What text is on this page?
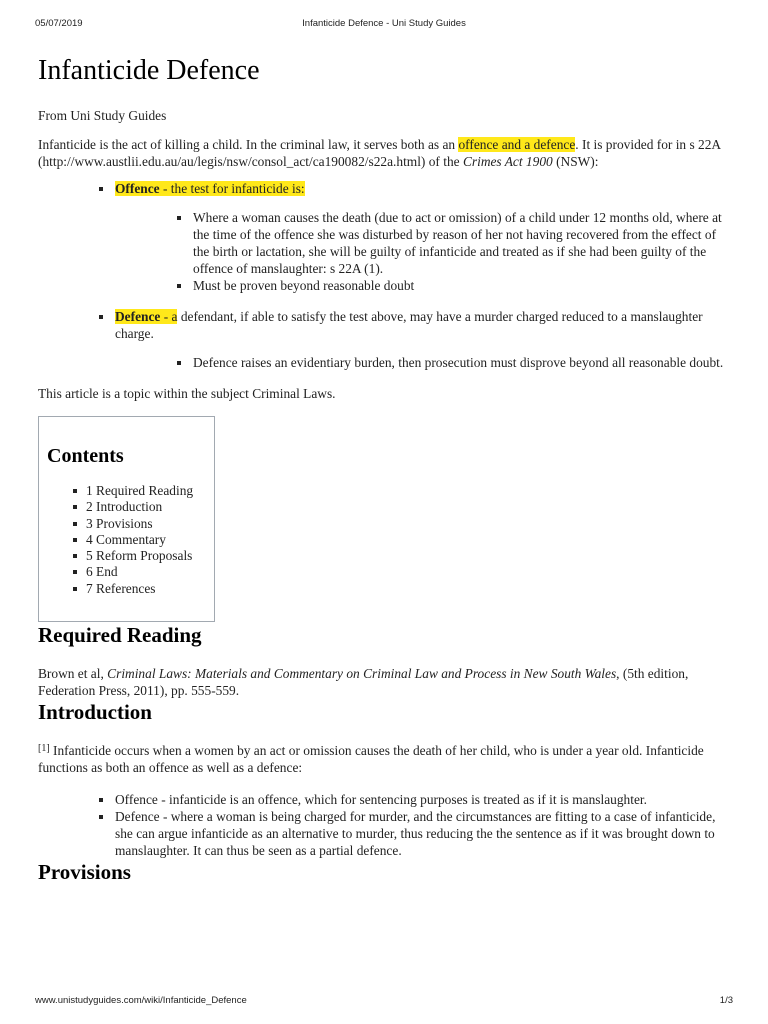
05/07/2019	Infanticide Defence - Uni Study Guides
Infanticide Defence

From Uni Study Guides

Infanticide is the act of killing a child. In the criminal law, it serves both as an offence and a defence. It is provided for in s 22A (http://www.austlii.edu.au/au/legis/nsw/consol_act/ca190082/s22a.html) of the Crimes Act 1900 (NSW):

Offence - the test for infanticide is:
Where a woman causes the death (due to act or omission) of a child under 12 months old, where at the time of the offence she was disturbed by reason of her not having recovered from the effect of the birth or lactation, she will be guilty of infanticide and treated as if she had been guilty of the offence of manslaughter: s 22A (1).
Must be proven beyond reasonable doubt
Defence - a defendant, if able to satisfy the test above, may have a murder charged reduced to a manslaughter charge.
Defence raises an evidentiary burden, then prosecution must disprove beyond all reasonable doubt.

This article is a topic within the subject Criminal Laws.

Contents
1 Required Reading
2 Introduction
3 Provisions
4 Commentary
5 Reform Proposals
6 End
7 References
Required Reading

Brown et al, Criminal Laws: Materials and Commentary on Criminal Law and Process in New South Wales, (5th edition, Federation Press, 2011), pp. 555-559.

Introduction

[1] Infanticide occurs when a women by an act or omission causes the death of her child, who is under a year old. Infanticide functions as both an offence as well as a defence:

Offence - infanticide is an offence, which for sentencing purposes is treated as if it is manslaughter.
Defence - where a woman is being charged for murder, and the circumstances are fitting to a case of infanticide, she can argue infanticide as an alternative to murder, thus reducing the the sentence as if it was brought down to manslaughter. It can thus be seen as a partial defence.
Provisions
www.unistudyguides.com/wiki/Infanticide_Defence	1/3
